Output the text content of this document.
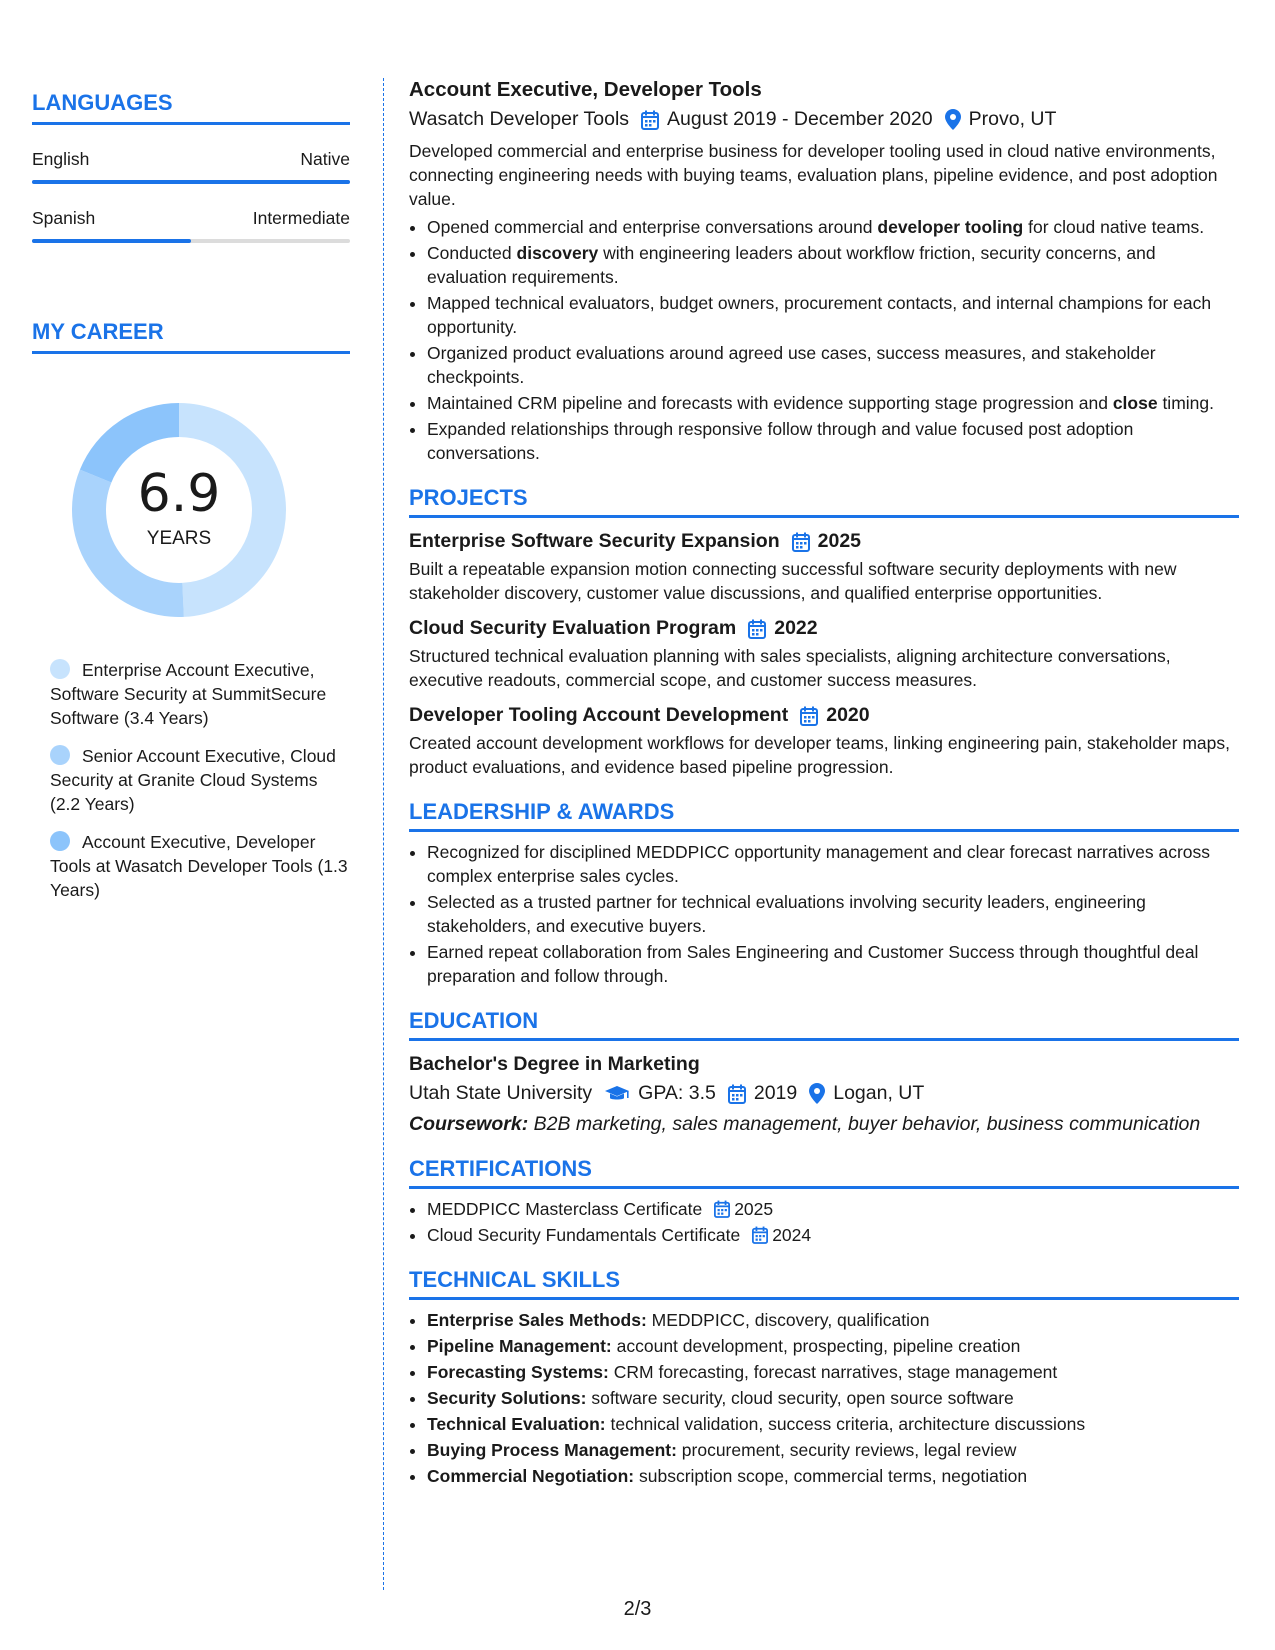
LANGUAGES
English	Native
Spanish	Intermediate
MY CAREER
6.9
YEARS
Enterprise Account Executive, Software Security at SummitSecure Software (3.4 Years)
Senior Account Executive, Cloud Security at Granite Cloud Systems (2.2 Years)
Account Executive, Developer Tools at Wasatch Developer Tools (1.3 Years)
Account Executive, Developer Tools
Wasatch Developer Tools August 2019 - December 2020 Provo, UT

Developed commercial and enterprise business for developer tooling used in cloud native environments, connecting engineering needs with buying teams, evaluation plans, pipeline evidence, and post adoption value.

• Opened commercial and enterprise conversations around developer tooling for cloud native teams.
• Conducted discovery with engineering leaders about workflow friction, security concerns, and evaluation requirements.
• Mapped technical evaluators, budget owners, procurement contacts, and internal champions for each opportunity.
• Organized product evaluations around agreed use cases, success measures, and stakeholder checkpoints.
• Maintained CRM pipeline and forecasts with evidence supporting stage progression and close timing.
• Expanded relationships through responsive follow through and value focused post adoption conversations.
PROJECTS
Enterprise Software Security Expansion 2025
Built a repeatable expansion motion connecting successful software security deployments with new stakeholder discovery, customer value discussions, and qualified enterprise opportunities.
Cloud Security Evaluation Program 2022
Structured technical evaluation planning with sales specialists, aligning architecture conversations, executive readouts, commercial scope, and customer success measures.
Developer Tooling Account Development 2020
Created account development workflows for developer teams, linking engineering pain, stakeholder maps, product evaluations, and evidence based pipeline progression.
LEADERSHIP & AWARDS
• Recognized for disciplined MEDDPICC opportunity management and clear forecast narratives across complex enterprise sales cycles.
• Selected as a trusted partner for technical evaluations involving security leaders, engineering stakeholders, and executive buyers.
• Earned repeat collaboration from Sales Engineering and Customer Success through thoughtful deal preparation and follow through.
EDUCATION
Bachelor's Degree in Marketing
Utah State University GPA: 3.5 2019 Logan, UT
Coursework: B2B marketing, sales management, buyer behavior, business communication
CERTIFICATIONS
• MEDDPICC Masterclass Certificate 2025
• Cloud Security Fundamentals Certificate 2024
TECHNICAL SKILLS
• Enterprise Sales Methods: MEDDPICC, discovery, qualification
• Pipeline Management: account development, prospecting, pipeline creation
• Forecasting Systems: CRM forecasting, forecast narratives, stage management
• Security Solutions: software security, cloud security, open source software
• Technical Evaluation: technical validation, success criteria, architecture discussions
• Buying Process Management: procurement, security reviews, legal review
• Commercial Negotiation: subscription scope, commercial terms, negotiation
2/3
